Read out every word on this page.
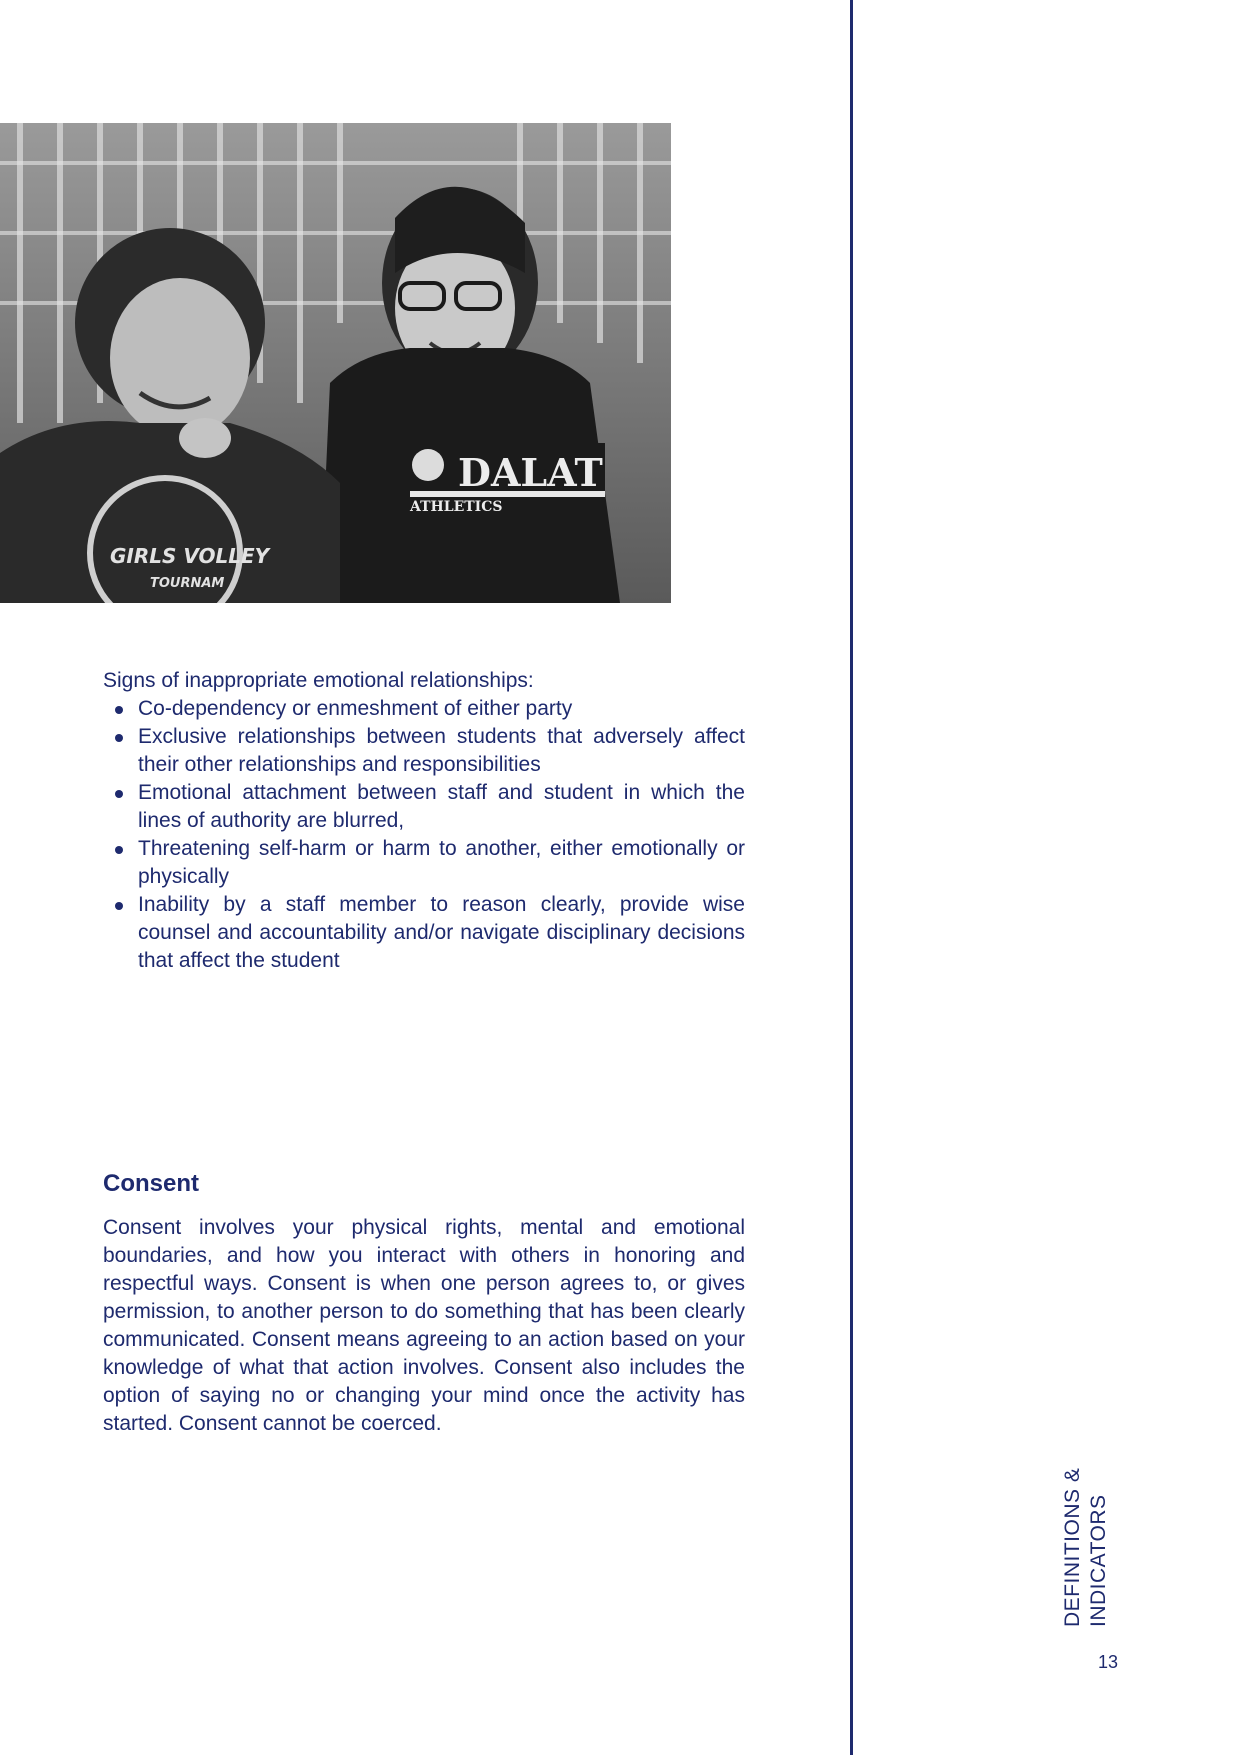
DALAT
ATHLETICS
GIRLS VOLLEY
TOURNAM

Signs of inappropriate emotional relationships:

Co-dependency or enmeshment of either party
Exclusive relationships between students that adversely affect their other relationships and responsibilities
Emotional attachment between staff and student in which the lines of authority are blurred,
Threatening self-harm or harm to another, either emotionally or physically
Inability by a staff member to reason clearly, provide wise counsel and accountability and/or navigate disciplinary decisions that affect the student
Consent

Consent involves your physical rights, mental and emotional boundaries, and how you interact with others in honoring and respectful ways. Consent is when one person agrees to, or gives permission, to another person to do something that has been clearly communicated. Consent means agreeing to an action based on your knowledge of what that action involves. Consent also includes the option of saying no or changing your mind once the activity has started. Consent cannot be coerced.

DEFINITIONS & INDICATORS
13
